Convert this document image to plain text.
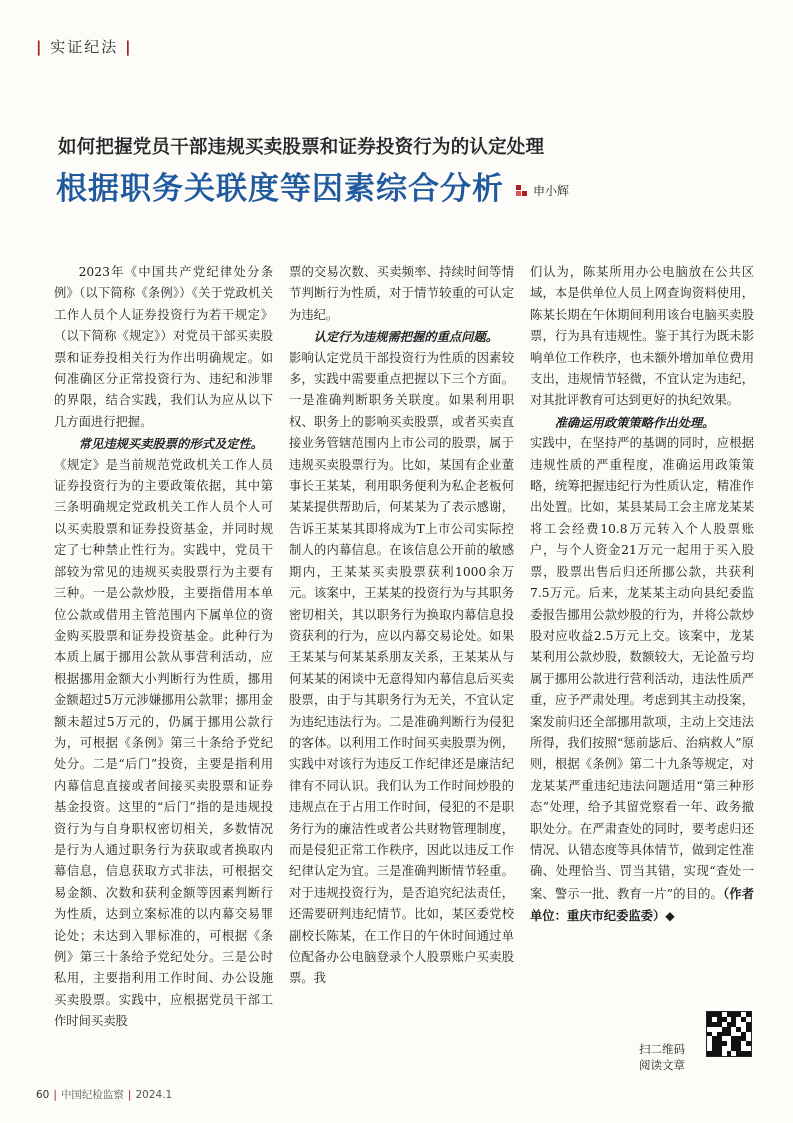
| 实证纪法 |
如何把握党员干部违规买卖股票和证券投资行为的认定处理
根据职务关联度等因素综合分析 申小辉

2023年《中国共产党纪律处分条例》（以下简称《条例》）《关于党政机关工作人员个人证券投资行为若干规定》（以下简称《规定》）对党员干部买卖股票和证券投相关行为作出明确规定。如何准确区分正常投资行为、违纪和涉罪的界限，结合实践，我们认为应从以下几方面进行把握。

常见违规买卖股票的形式及定性。

《规定》是当前规范党政机关工作人员证券投资行为的主要政策依据，其中第三条明确规定党政机关工作人员个人可以买卖股票和证券投资基金，并同时规定了七种禁止性行为。实践中，党员干部较为常见的违规买卖股票行为主要有三种。一是公款炒股，主要指借用本单位公款或借用主管范围内下属单位的资金购买股票和证券投资基金。此种行为本质上属于挪用公款从事营利活动，应根据挪用金额大小判断行为性质，挪用金额超过5万元涉嫌挪用公款罪；挪用金额未超过5万元的，仍属于挪用公款行为，可根据《条例》第三十条给予党纪处分。二是“后门”投资，主要是指利用内幕信息直接或者间接买卖股票和证券基金投资。这里的“后门”指的是违规投资行为与自身职权密切相关，多数情况是行为人通过职务行为获取或者换取内幕信息，信息获取方式非法，可根据交易金额、次数和获利金额等因素判断行为性质，达到立案标准的以内幕交易罪论处；未达到入罪标准的，可根据《条例》第三十条给予党纪处分。三是公时私用，主要指利用工作时间、办公设施买卖股票。实践中，应根据党员干部工作时间买卖股

票的交易次数、买卖频率、持续时间等情节判断行为性质，对于情节较重的可认定为违纪。

认定行为违规需把握的重点问题。

影响认定党员干部投资行为性质的因素较多，实践中需要重点把握以下三个方面。一是准确判断职务关联度。如果利用职权、职务上的影响买卖股票，或者买卖直接业务管辖范围内上市公司的股票，属于违规买卖股票行为。比如，某国有企业董事长王某某，利用职务便利为私企老板何某某提供帮助后，何某某为了表示感谢，告诉王某某其即将成为T上市公司实际控制人的内幕信息。在该信息公开前的敏感期内，王某某买卖股票获利1000余万元。该案中，王某某的投资行为与其职务密切相关，其以职务行为换取内幕信息投资获利的行为，应以内幕交易论处。如果王某某与何某某系朋友关系，王某某从与何某某的闲谈中无意得知内幕信息后买卖股票，由于与其职务行为无关，不宜认定为违纪违法行为。二是准确判断行为侵犯的客体。以利用工作时间买卖股票为例，实践中对该行为违反工作纪律还是廉洁纪律有不同认识。我们认为工作时间炒股的违规点在于占用工作时间，侵犯的不是职务行为的廉洁性或者公共财物管理制度，而是侵犯正常工作秩序，因此以违反工作纪律认定为宜。三是准确判断情节轻重。对于违规投资行为，是否追究纪法责任，还需要研判违纪情节。比如，某区委党校副校长陈某，在工作日的午休时间通过单位配备办公电脑登录个人股票账户买卖股票。我

们认为，陈某所用办公电脑放在公共区域，本是供单位人员上网查询资料使用，陈某长期在午休期间利用该台电脑买卖股票，行为具有违规性。鉴于其行为既未影响单位工作秩序，也未额外增加单位费用支出，违规情节轻微，不宜认定为违纪，对其批评教育可达到更好的执纪效果。

准确运用政策策略作出处理。

实践中，在坚持严的基调的同时，应根据违规性质的严重程度，准确运用政策策略，统筹把握违纪行为性质认定，精准作出处置。比如，某县某局工会主席龙某某将工会经费10.8万元转入个人股票账户，与个人资金21万元一起用于买入股票，股票出售后归还所挪公款，共获利7.5万元。后来，龙某某主动向县纪委监委报告挪用公款炒股的行为，并将公款炒股对应收益2.5万元上交。该案中，龙某某利用公款炒股，数额较大，无论盈亏均属于挪用公款进行营利活动，违法性质严重，应予严肃处理。考虑到其主动投案，案发前归还全部挪用款项，主动上交违法所得，我们按照“惩前毖后、治病救人”原则，根据《条例》第二十九条等规定，对龙某某严重违纪违法问题适用“第三种形态”处理，给予其留党察看一年、政务撤职处分。在严肃查处的同时，要考虑归还情况、认错态度等具体情节，做到定性准确、处理恰当、罚当其错，实现“查处一案、警示一批、教育一片”的目的。（作者单位：重庆市纪委监委）◆

扫二维码
阅读文章
60 | 中国纪检监察 | 2024.1
